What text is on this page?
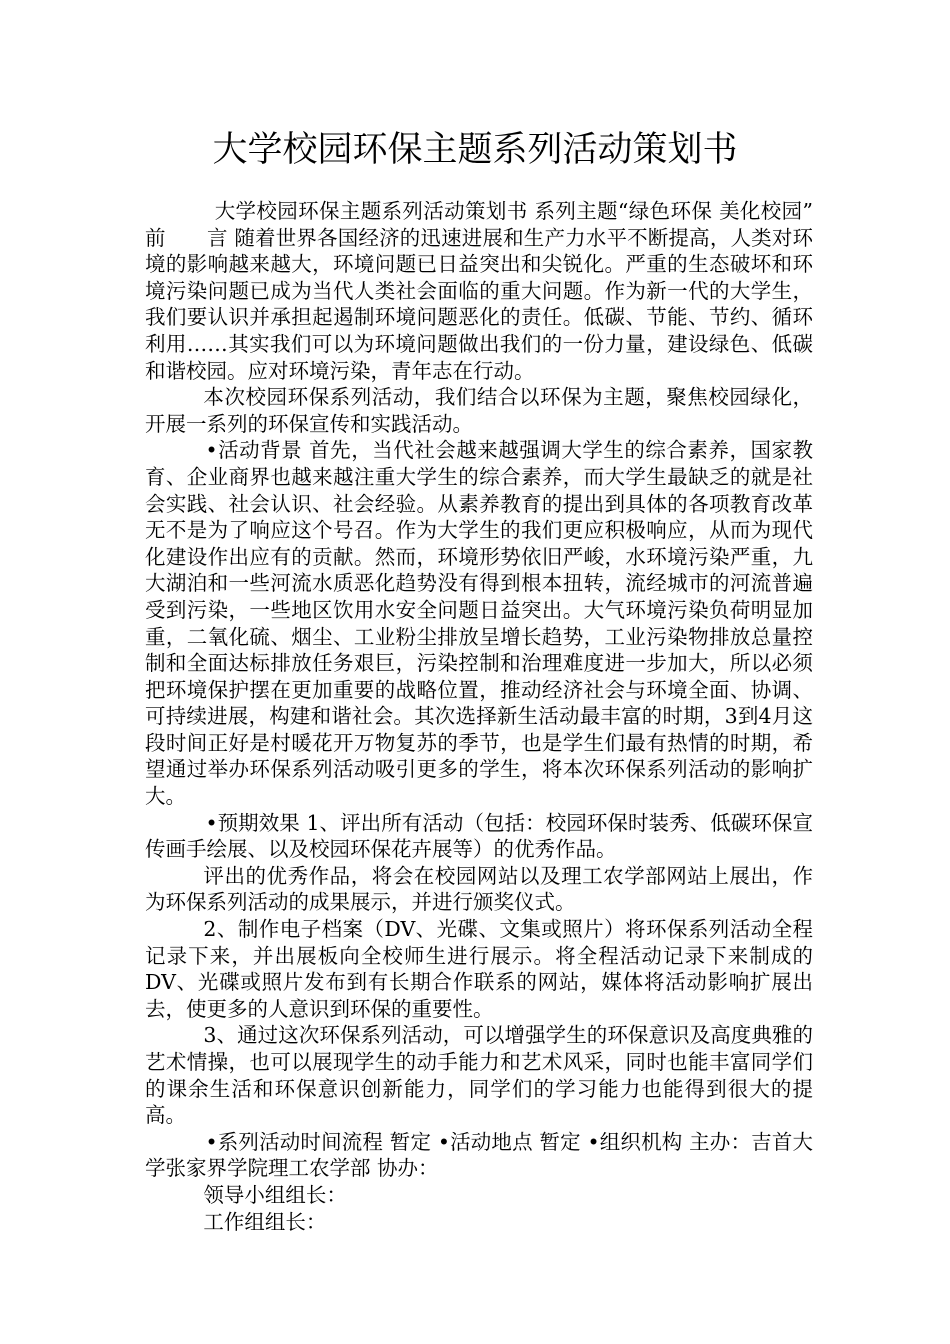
大学校园环保主题系列活动策划书

大学校园环保主题系列活动策划书 系列主题“绿色环保 美化校园”　　前　　言 随着世界各国经济的迅速进展和生产力水平不断提高，人类对环境的影响越来越大，环境问题已日益突出和尖锐化。严重的生态破坏和环境污染问题已成为当代人类社会面临的重大问题。作为新一代的大学生，我们要认识并承担起遏制环境问题恶化的责任。低碳、节能、节约、循环利用……其实我们可以为环境问题做出我们的一份力量，建设绿色、低碳和谐校园。应对环境污染，青年志在行动。

本次校园环保系列活动，我们结合以环保为主题，聚焦校园绿化，开展一系列的环保宣传和实践活动。

•活动背景 首先，当代社会越来越强调大学生的综合素养，国家教育、企业商界也越来越注重大学生的综合素养，而大学生最缺乏的就是社会实践、社会认识、社会经验。从素养教育的提出到具体的各项教育改革无不是为了响应这个号召。作为大学生的我们更应积极响应，从而为现代化建设作出应有的贡献。然而，环境形势依旧严峻，水环境污染严重，九大湖泊和一些河流水质恶化趋势没有得到根本扭转，流经城市的河流普遍受到污染，一些地区饮用水安全问题日益突出。大气环境污染负荷明显加重，二氧化硫、烟尘、工业粉尘排放呈增长趋势，工业污染物排放总量控制和全面达标排放任务艰巨，污染控制和治理难度进一步加大，所以必须把环境保护摆在更加重要的战略位置，推动经济社会与环境全面、协调、可持续进展，构建和谐社会。其次选择新生活动最丰富的时期，3到4月这段时间正好是村暖花开万物复苏的季节，也是学生们最有热情的时期，希望通过举办环保系列活动吸引更多的学生，将本次环保系列活动的影响扩大。

•预期效果 1、评出所有活动（包括：校园环保时装秀、低碳环保宣传画手绘展、以及校园环保花卉展等）的优秀作品。

评出的优秀作品，将会在校园网站以及理工农学部网站上展出，作为环保系列活动的成果展示，并进行颁奖仪式。

2、制作电子档案（DV、光碟、文集或照片）将环保系列活动全程记录下来，并出展板向全校师生进行展示。将全程活动记录下来制成的DV、光碟或照片发布到有长期合作联系的网站，媒体将活动影响扩展出去，使更多的人意识到环保的重要性。

3、通过这次环保系列活动，可以增强学生的环保意识及高度典雅的艺术情操，也可以展现学生的动手能力和艺术风采，同时也能丰富同学们的课余生活和环保意识创新能力，同学们的学习能力也能得到很大的提高。

•系列活动时间流程 暂定 •活动地点 暂定 •组织机构 主办：吉首大学张家界学院理工农学部 协办：

领导小组组长：

工作组组长：
